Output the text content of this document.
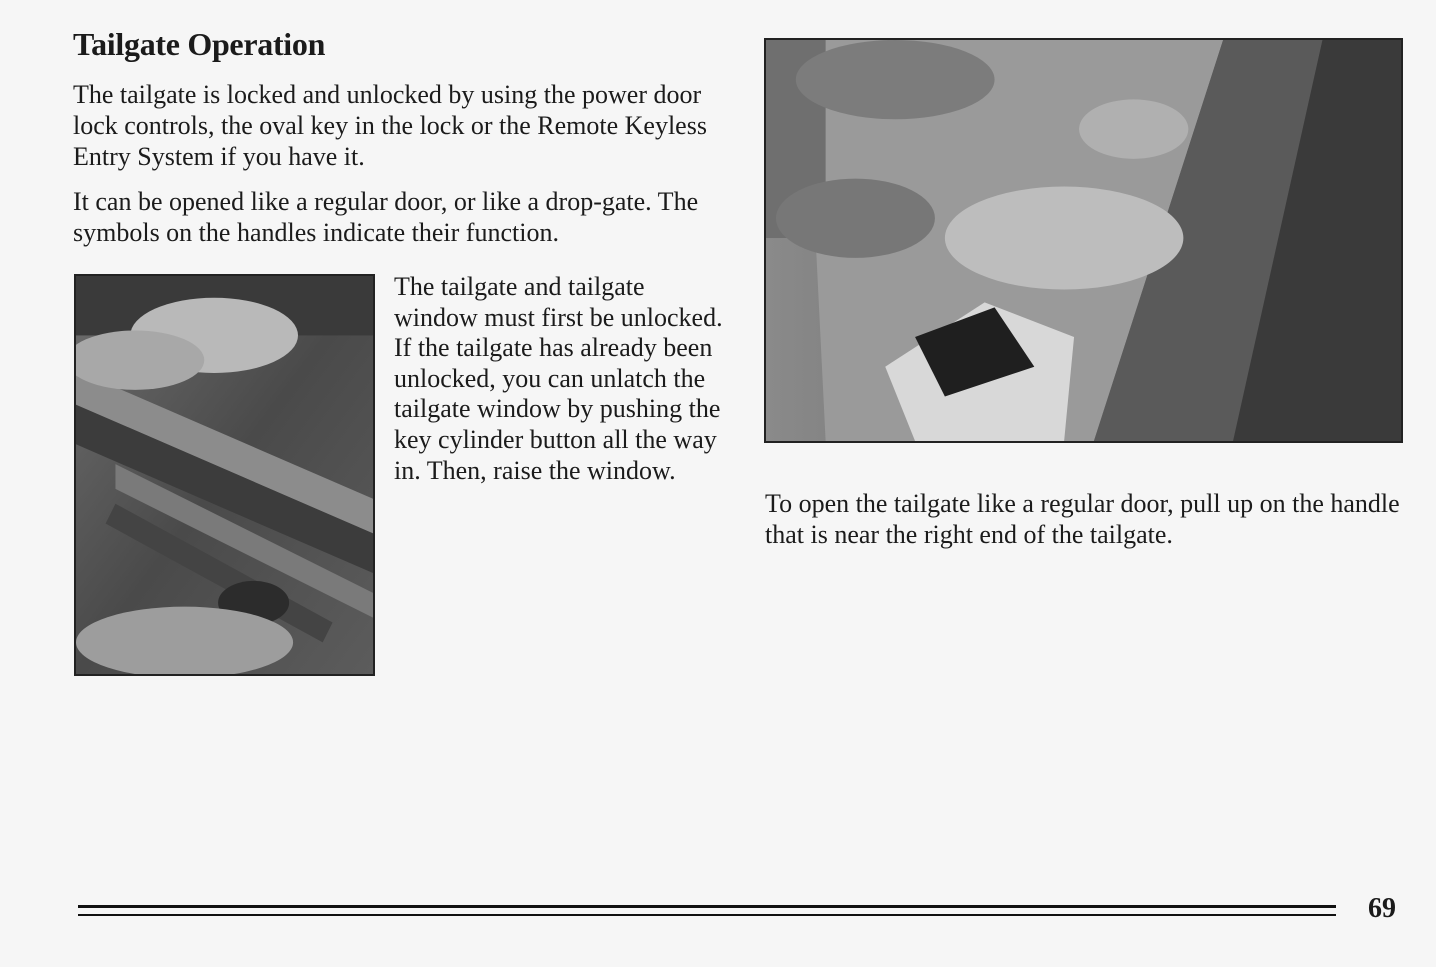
Tailgate Operation

The tailgate is locked and unlocked by using the power door lock controls, the oval key in the lock or the Remote Keyless Entry System if you have it.

It can be opened like a regular door, or like a drop-gate. The symbols on the handles indicate their function.

The tailgate and tailgate window must first be unlocked. If the tailgate has already been unlocked, you can unlatch the tailgate window by pushing the key cylinder button all the way in. Then, raise the window.

To open the tailgate like a regular door, pull up on the handle that is near the right end of the tailgate.

69
